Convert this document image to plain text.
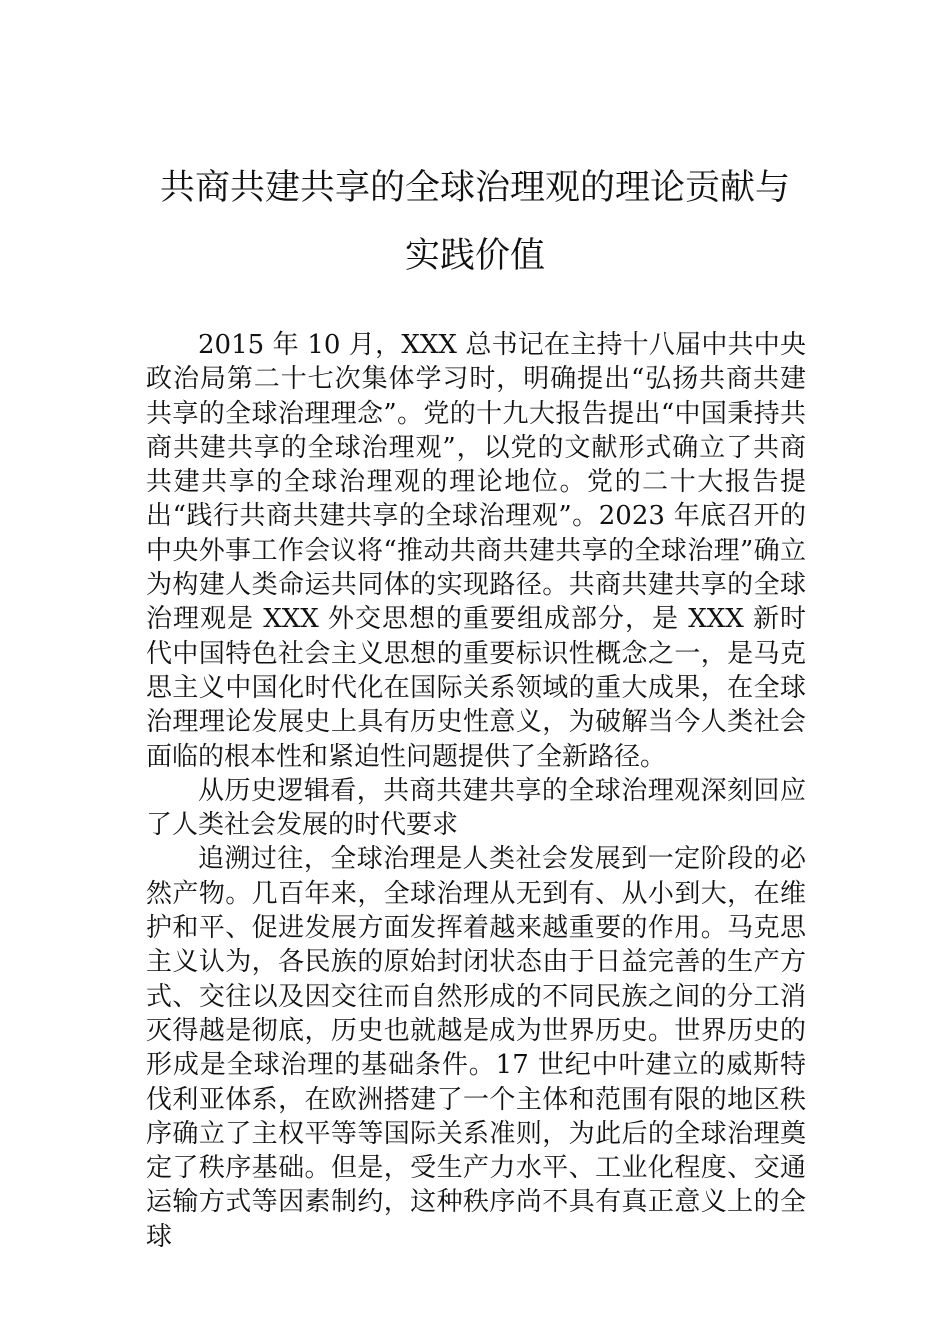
共商共建共享的全球治理观的理论贡献与
实践价值

2015 年 10 月，XXX 总书记在主持十八届中共中央政治局第二十七次集体学习时，明确提出“弘扬共商共建共享的全球治理理念”。党的十九大报告提出“中国秉持共商共建共享的全球治理观”，以党的文献形式确立了共商共建共享的全球治理观的理论地位。党的二十大报告提出“践行共商共建共享的全球治理观”。2023 年底召开的中央外事工作会议将“推动共商共建共享的全球治理”确立为构建人类命运共同体的实现路径。共商共建共享的全球治理观是 XXX 外交思想的重要组成部分，是 XXX 新时代中国特色社会主义思想的重要标识性概念之一，是马克思主义中国化时代化在国际关系领域的重大成果，在全球治理理论发展史上具有历史性意义，为破解当今人类社会面临的根本性和紧迫性问题提供了全新路径。

从历史逻辑看，共商共建共享的全球治理观深刻回应了人类社会发展的时代要求

追溯过往，全球治理是人类社会发展到一定阶段的必然产物。几百年来，全球治理从无到有、从小到大，在维护和平、促进发展方面发挥着越来越重要的作用。马克思主义认为，各民族的原始封闭状态由于日益完善的生产方式、交往以及因交往而自然形成的不同民族之间的分工消灭得越是彻底，历史也就越是成为世界历史。世界历史的形成是全球治理的基础条件。17 世纪中叶建立的威斯特伐利亚体系，在欧洲搭建了一个主体和范围有限的地区秩序确立了主权平等等国际关系准则，为此后的全球治理奠定了秩序基础。但是，受生产力水平、工业化程度、交通运输方式等因素制约，这种秩序尚不具有真正意义上的全球
